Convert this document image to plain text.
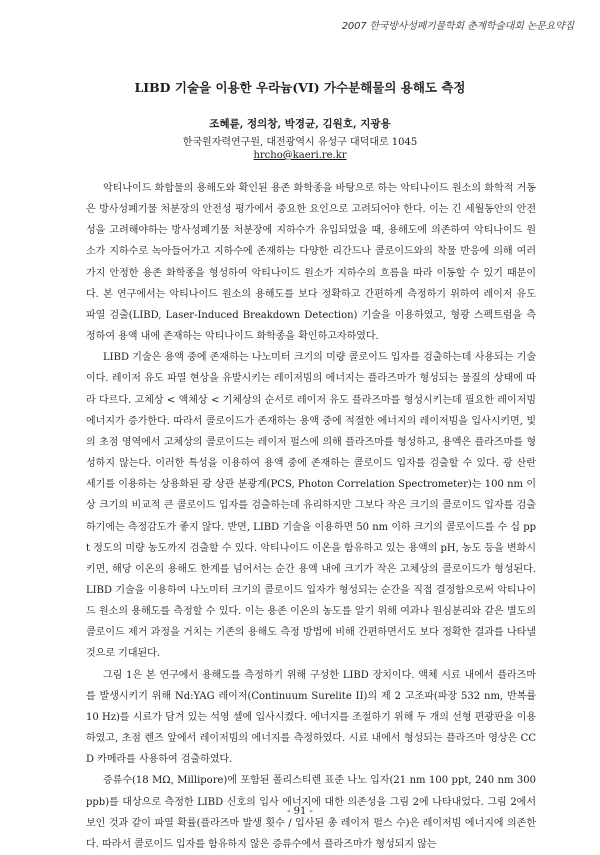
2007 한국방사성폐기물학회 춘계학술대회 논문요약집
LIBD 기술을 이용한 우라늄(VI) 가수분해물의 용해도 측정
조혜륜, 정의창, 박경균, 김원호, 지광용
한국원자력연구원, 대전광역시 유성구 대덕대로 1045
hrcho@kaeri.re.kr

악티나이드 화합물의 용해도와 확인된 용존 화학종을 바탕으로 하는 악티나이드 원소의 화학적 거동은 방사성폐기물 처분장의 안전성 평가에서 중요한 요인으로 고려되어야 한다. 이는 긴 세월동안의 안전성을 고려해야하는 방사성폐기물 처분장에 지하수가 유입되었을 때, 용해도에 의존하여 악티나이드 원소가 지하수로 녹아들어가고 지하수에 존재하는 다양한 리간드나 콜로이드와의 착물 반응에 의해 여러 가지 안정한 용존 화학종을 형성하여 악티나이드 원소가 지하수의 흐름을 따라 이동할 수 있기 때문이다. 본 연구에서는 악티나이드 원소의 용해도를 보다 정확하고 간편하게 측정하기 위하여 레이저 유도 파열 검출(LIBD, Laser-Induced Breakdown Detection) 기술을 이용하였고, 형광 스펙트럼을 측정하여 용액 내에 존재하는 악티나이드 화학종을 확인하고자하였다.

LIBD 기술은 용액 중에 존재하는 나노미터 크기의 미량 콜로이드 입자를 검출하는데 사용되는 기술이다. 레이저 유도 파열 현상을 유발시키는 레이저빔의 에너지는 플라즈마가 형성되는 물질의 상태에 따라 다르다. 고체상 < 액체상 < 기체상의 순서로 레이저 유도 플라즈마를 형성시키는데 필요한 레이저빔 에너지가 증가한다. 따라서 콜로이드가 존재하는 용액 중에 적절한 에너지의 레이저빔을 입사시키면, 빛의 초점 영역에서 고체상의 콜로이드는 레이저 펄스에 의해 플라즈마를 형성하고, 용액은 플라즈마를 형성하지 않는다. 이러한 특성을 이용하여 용액 중에 존재하는 콜로이드 입자를 검출할 수 있다. 광 산란 세기를 이용하는 상용화된 광 상관 분광계(PCS, Photon Correlation Spectrometer)는 100 nm 이상 크기의 비교적 큰 콜로이드 입자를 검출하는데 유리하지만 그보다 작은 크기의 콜로이드 입자를 검출하기에는 측정감도가 좋지 않다. 반면, LIBD 기술을 이용하면 50 nm 이하 크기의 콜로이드를 수 십 ppt 정도의 미량 농도까지 검출할 수 있다. 악티나이드 이온을 함유하고 있는 용액의 pH, 농도 등을 변화시키면, 해당 이온의 용해도 한계를 넘어서는 순간 용액 내에 크기가 작은 고체상의 콜로이드가 형성된다. LIBD 기술을 이용하여 나노미터 크기의 콜로이드 입자가 형성되는 순간을 직접 결정함으로써 악티나이드 원소의 용해도를 측정할 수 있다. 이는 용존 이온의 농도를 알기 위해 여과나 원심분리와 같은 별도의 콜로이드 제거 과정을 거치는 기존의 용해도 측정 방법에 비해 간편하면서도 보다 정확한 결과를 나타낼 것으로 기대된다.

그림 1은 본 연구에서 용해도를 측정하기 위해 구성한 LIBD 장치이다. 액체 시료 내에서 플라즈마를 발생시키기 위해 Nd:YAG 레이저(Continuum Surelite II)의 제 2 고조파(파장 532 nm, 반복률 10 Hz)를 시료가 담겨 있는 석영 셀에 입사시켰다. 에너지를 조절하기 위해 두 개의 선형 편광판을 이용하였고, 초점 렌즈 앞에서 레이저빔의 에너지를 측정하였다. 시료 내에서 형성되는 플라즈마 영상은 CCD 카메라를 사용하여 검출하였다.

증류수(18 MΩ, Millipore)에 포함된 폴리스티렌 표준 나노 입자(21 nm 100 ppt, 240 nm 300 ppb)를 대상으로 측정한 LIBD 신호의 입사 에너지에 대한 의존성을 그림 2에 나타내었다. 그림 2에서 보인 것과 같이 파열 확률(플라즈마 발생 횟수 / 입사된 총 레이저 펄스 수)은 레이저빔 에너지에 의존한다. 따라서 콜로이드 입자를 함유하지 않은 증류수에서 플라즈마가 형성되지 않는

- 91 -
